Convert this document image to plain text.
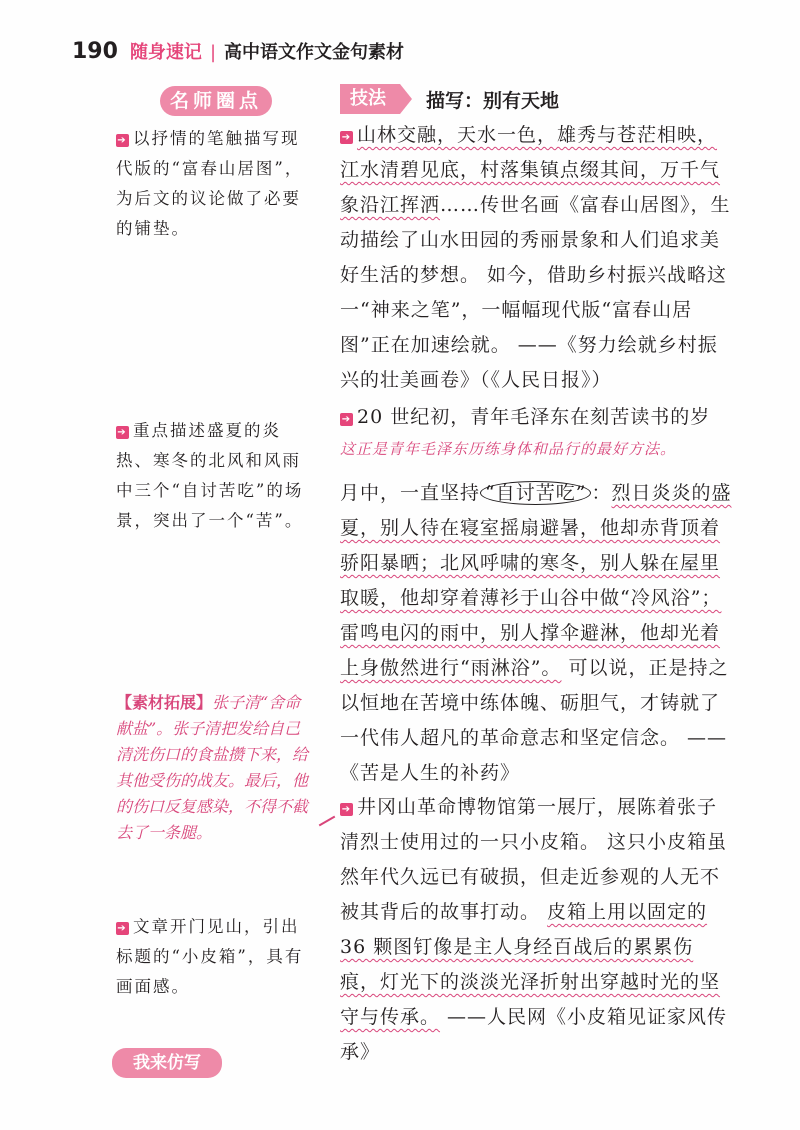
190 随身速记 | 高中语文作文金句素材
名师圈点	技法	描写：别有天地
➔ 以抒情的笔触描写现代版的“富春山居图”，为后文的议论做了必要的铺垫。
➔ 重点描述盛夏的炎热、寒冬的北风和风雨中三个“自讨苦吃”的场景，突出了一个“苦”。
【素材拓展】张子清“舍命献盐”。张子清把发给自己清洗伤口的食盐攒下来，给其他受伤的战友。最后，他的伤口反复感染，不得不截去了一条腿。
➔ 文章开门见山，引出标题的“小皮箱”，具有画面感。
我来仿写
➔ 山林交融，天水一色，雄秀与苍茫相映，江水清碧见底，村落集镇点缀其间，万千气象沿江挥洒……传世名画《富春山居图》，生动描绘了山水田园的秀丽景象和人们追求美好生活的梦想。 如今，借助乡村振兴战略这一“神来之笔”，一幅幅现代版“富春山居图”正在加速绘就。 ——《努力绘就乡村振兴的壮美画卷》（《人民日报》）
➔ 20 世纪初，青年毛泽东在刻苦读书的岁
这正是青年毛泽东历练身体和品行的最好方法。
月中，一直坚持 “自讨苦吃” ：烈日炎炎的盛夏，别人待在寝室摇扇避暑，他却赤背顶着骄阳暴晒；北风呼啸的寒冬，别人躲在屋里取暖，他却穿着薄衫于山谷中做“冷风浴”；雷鸣电闪的雨中，别人撑伞避淋，他却光着上身傲然进行“雨淋浴”。 可以说，正是持之以恒地在苦境中练体魄、砺胆气，才铸就了一代伟人超凡的革命意志和坚定信念。 ——《苦是人生的补药》
➔ 井冈山革命博物馆第一展厅，展陈着张子清烈士使用过的一只小皮箱。 这只小皮箱虽然年代久远已有破损，但走近参观的人无不被其背后的故事打动。 皮箱上用以固定的 36 颗图钉像是主人身经百战后的累累伤痕，灯光下的淡淡光泽折射出穿越时光的坚守与传承。 ——人民网《小皮箱见证家风传承》
